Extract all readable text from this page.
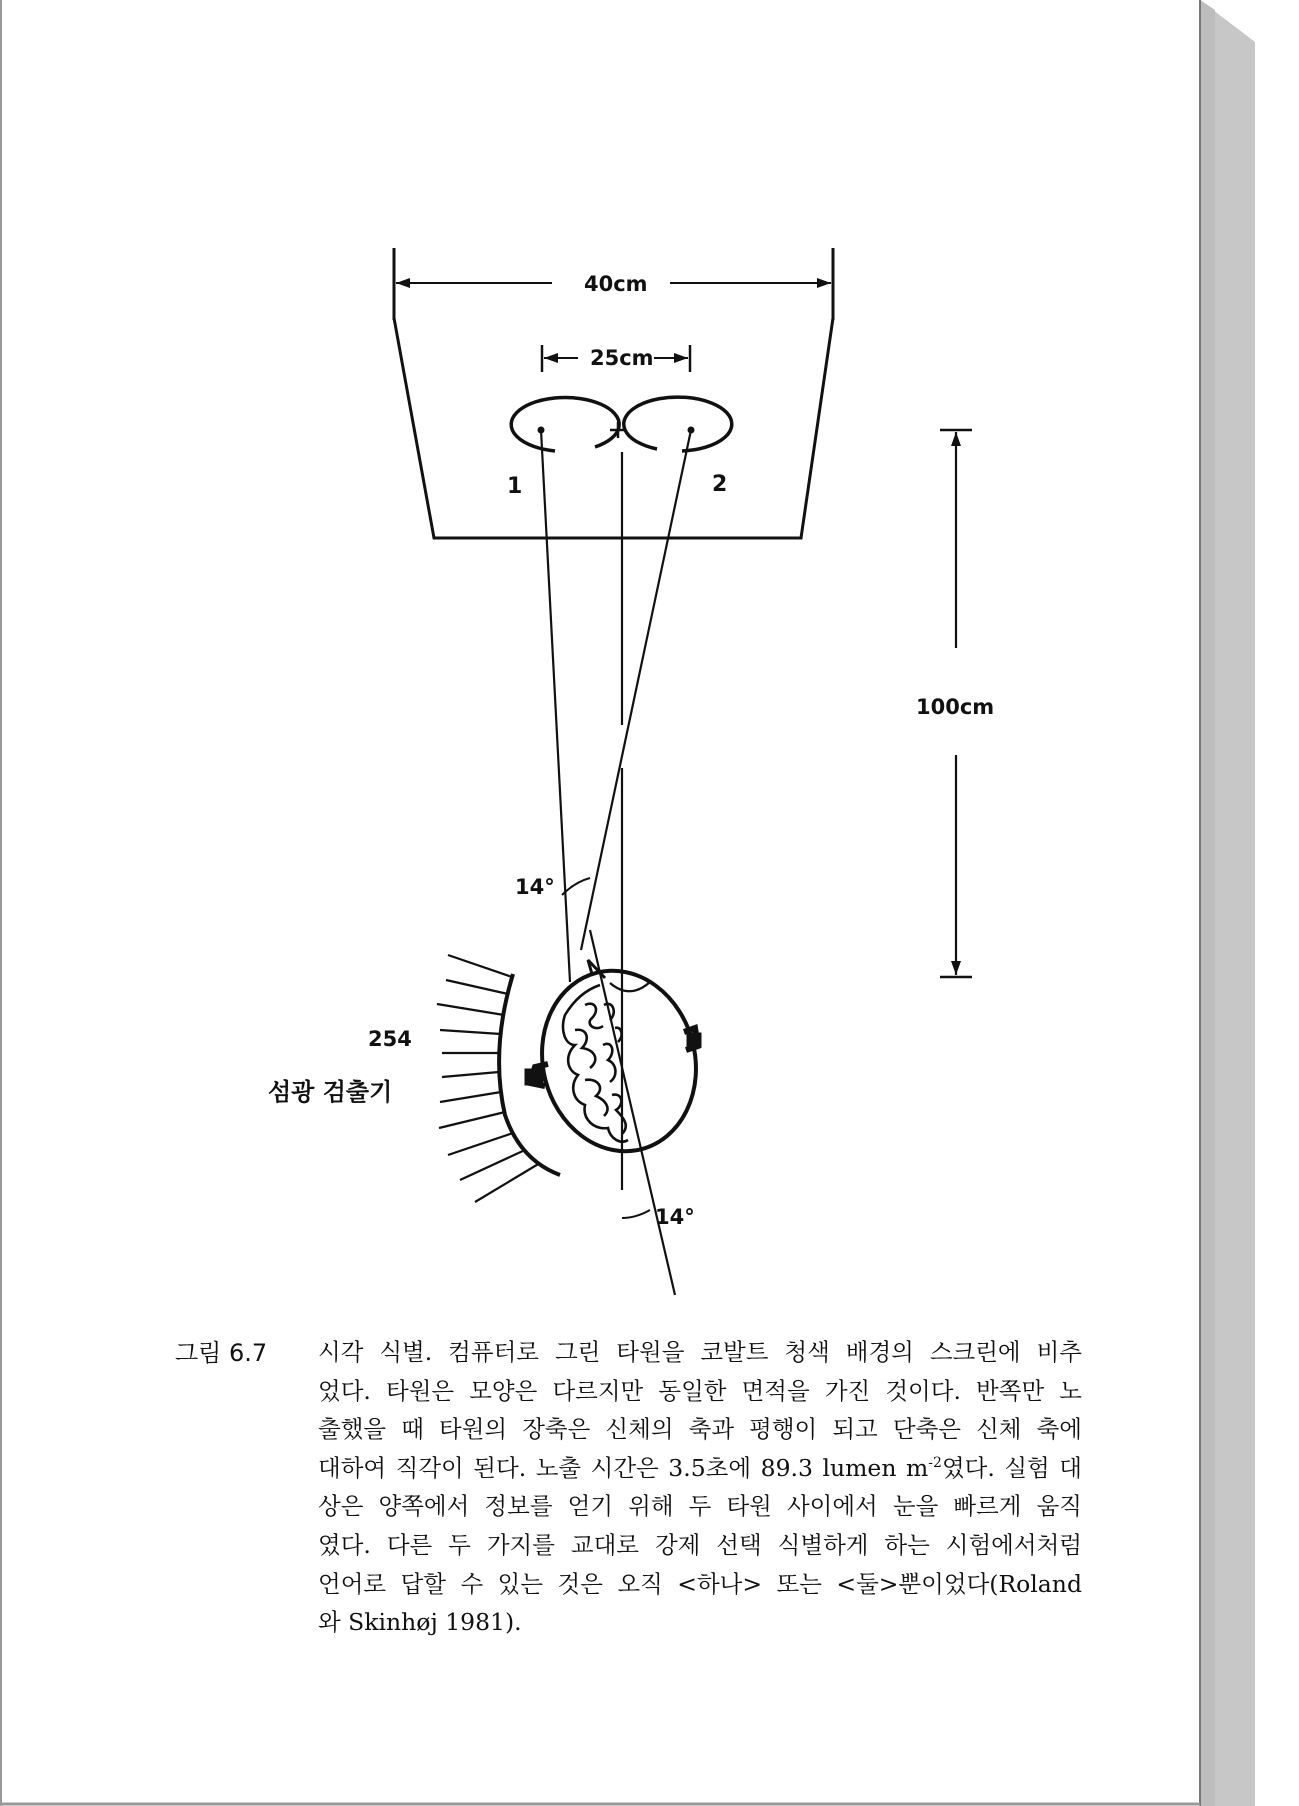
40cm
25cm
1	2
100cm
14°
14°
254
섬광 검출기
그림 6.7 시각 식별. 컴퓨터로 그린 타원을 코발트 청색 배경의 스크린에 비추
었다. 타원은 모양은 다르지만 동일한 면적을 가진 것이다. 반쪽만 노
출했을 때 타원의 장축은 신체의 축과 평행이 되고 단축은 신체 축에
대하여 직각이 된다. 노출 시간은 3.5초에 89.3 lumen $m^{-2}$였다. 실험 대
상은 양쪽에서 정보를 얻기 위해 두 타원 사이에서 눈을 빠르게 움직
였다. 다른 두 가지를 교대로 강제 선택 식별하게 하는 시험에서처럼
언어로 답할 수 있는 것은 오직 <하나> 또는 <둘>뿐이었다(Roland
와 Skinhøj 1981).
